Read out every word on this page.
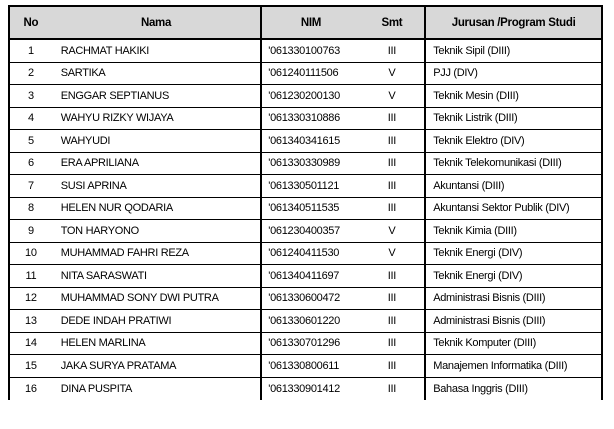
No	Nama	NIM	Smt	Jurusan /Program Studi
1	RACHMAT HAKIKI	'061330100763	III	Teknik Sipil (DIII)
2	SARTIKA	'061240111506	V	PJJ (DIV)
3	ENGGAR SEPTIANUS	'061230200130	V	Teknik Mesin (DIII)
4	WAHYU RIZKY WIJAYA	'061330310886	III	Teknik Listrik (DIII)
5	WAHYUDI	'061340341615	III	Teknik Elektro (DIV)
6	ERA APRILIANA	'061330330989	III	Teknik Telekomunikasi (DIII)
7	SUSI APRINA	'061330501121	III	Akuntansi (DIII)
8	HELEN NUR QODARIA	'061340511535	III	Akuntansi Sektor Publik (DIV)
9	TON HARYONO	'061230400357	V	Teknik Kimia (DIII)
10	MUHAMMAD FAHRI REZA	'061240411530	V	Teknik Energi (DIV)
11	NITA SARASWATI	'061340411697	III	Teknik Energi (DIV)
12	MUHAMMAD SONY DWI PUTRA	'061330600472	III	Administrasi Bisnis (DIII)
13	DEDE INDAH PRATIWI	'061330601220	III	Administrasi Bisnis (DIII)
14	HELEN MARLINA	'061330701296	III	Teknik Komputer (DIII)
15	JAKA SURYA PRATAMA	'061330800611	III	Manajemen Informatika (DIII)
16	DINA PUSPITA	'061330901412	III	Bahasa Inggris (DIII)
